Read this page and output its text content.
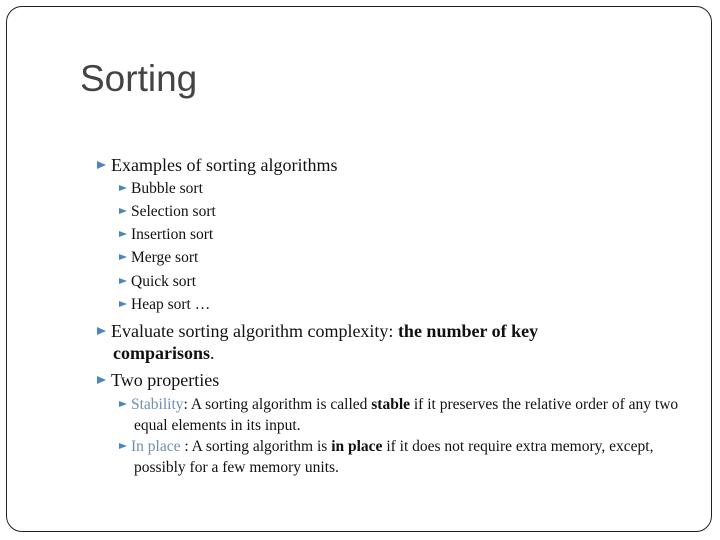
Sorting
Examples of sorting algorithms
Bubble sort
Selection sort
Insertion sort
Merge sort
Quick sort
Heap sort …
Evaluate sorting algorithm complexity: the number of key comparisons.
Two properties
Stability: A sorting algorithm is called stable if it preserves the relative order of any two equal elements in its input.
In place : A sorting algorithm is in place if it does not require extra memory, except, possibly for a few memory units.
